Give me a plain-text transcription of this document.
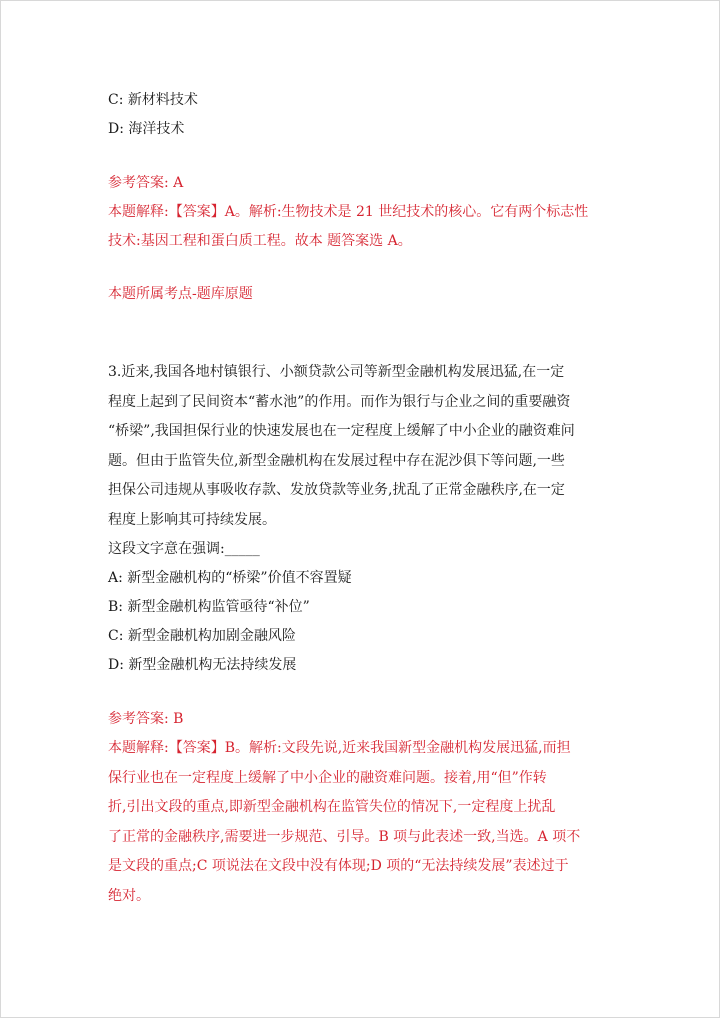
C: 新材料技术
D: 海洋技术
参考答案: A
本题解释:【答案】A。解析:生物技术是 21 世纪技术的核心。它有两个标志性
技术:基因工程和蛋白质工程。故本 题答案选 A。
本题所属考点-题库原题
3.近来,我国各地村镇银行、小额贷款公司等新型金融机构发展迅猛,在一定
程度上起到了民间资本“蓄水池”的作用。而作为银行与企业之间的重要融资
“桥梁”,我国担保行业的快速发展也在一定程度上缓解了中小企业的融资难问
题。但由于监管失位,新型金融机构在发展过程中存在泥沙俱下等问题,一些
担保公司违规从事吸收存款、发放贷款等业务,扰乱了正常金融秩序,在一定
程度上影响其可持续发展。
这段文字意在强调:_____
A: 新型金融机构的“桥梁”价值不容置疑
B: 新型金融机构监管亟待“补位”
C: 新型金融机构加剧金融风险
D: 新型金融机构无法持续发展
参考答案: B
本题解释:【答案】B。解析:文段先说,近来我国新型金融机构发展迅猛,而担
保行业也在一定程度上缓解了中小企业的融资难问题。接着,用“但”作转
折,引出文段的重点,即新型金融机构在监管失位的情况下,一定程度上扰乱
了正常的金融秩序,需要进一步规范、引导。B 项与此表述一致,当选。A 项不
是文段的重点;C 项说法在文段中没有体现;D 项的“无法持续发展”表述过于
绝对。
